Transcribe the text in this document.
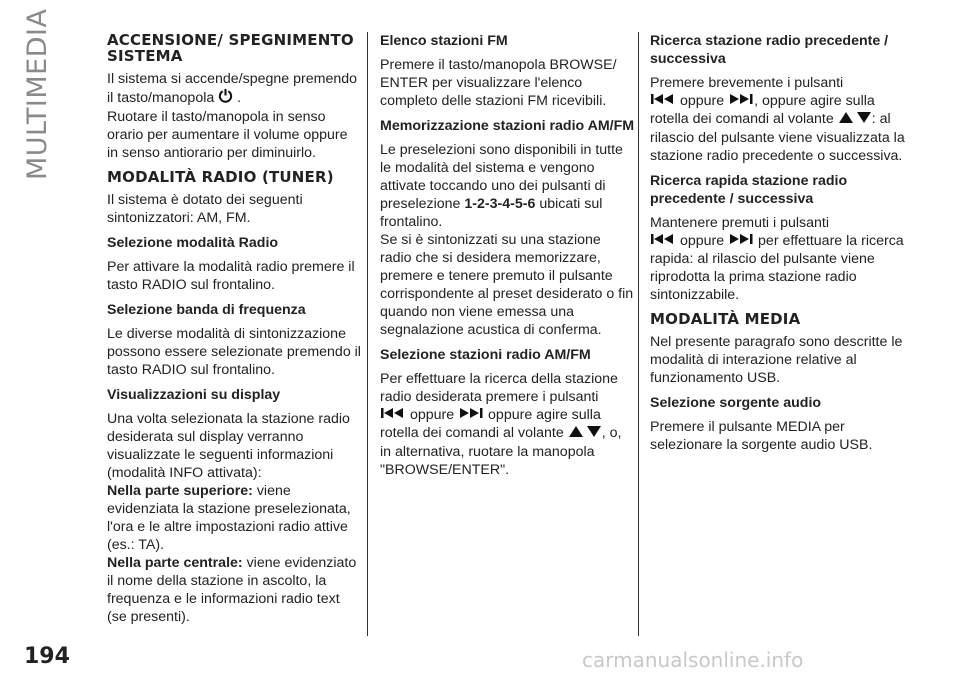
MULTIMEDIA	ACCENSIONE/ SPEGNIMENTO SISTEMA

Il sistema si accende/spegne premendo il tasto/manopola .
Ruotare il tasto/manopola in senso orario per aumentare il volume oppure in senso antiorario per diminuirlo.

MODALITÀ RADIO (TUNER)

Il sistema è dotato dei seguenti sintonizzatori: AM, FM.

Selezione modalità Radio

Per attivare la modalità radio premere il tasto RADIO sul frontalino.

Selezione banda di frequenza

Le diverse modalità di sintonizzazione possono essere selezionate premendo il tasto RADIO sul frontalino.

Visualizzazioni su display

Una volta selezionata la stazione radio desiderata sul display verranno visualizzate le seguenti informazioni (modalità INFO attivata):
Nella parte superiore: viene evidenziata la stazione preselezionata, l'ora e le altre impostazioni radio attive (es.: TA).
Nella parte centrale: viene evidenziato il nome della stazione in ascolto, la frequenza e le informazioni radio text (se presenti).

Elenco stazioni FM

Premere il tasto/manopola BROWSE/ ENTER per visualizzare l'elenco completo delle stazioni FM ricevibili.

Memorizzazione stazioni radio AM/FM

Le preselezioni sono disponibili in tutte le modalità del sistema e vengono attivate toccando uno dei pulsanti di preselezione 1-2-3-4-5-6 ubicati sul frontalino.
Se si è sintonizzati su una stazione radio che si desidera memorizzare, premere e tenere premuto il pulsante corrispondente al preset desiderato o fin quando non viene emessa una segnalazione acustica di conferma.

Selezione stazioni radio AM/FM

Per effettuare la ricerca della stazione radio desiderata premere i pulsanti
oppure oppure agire sulla rotella dei comandi al volante	, o, in alternativa, ruotare la manopola "BROWSE/ENTER".

Ricerca stazione radio precedente / successiva

Premere brevemente i pulsanti
oppure , oppure agire sulla rotella dei comandi al volante	: al rilascio del pulsante viene visualizzata la stazione radio precedente o successiva.

Ricerca rapida stazione radio precedente / successiva

Mantenere premuti i pulsanti
oppure per effettuare la ricerca rapida: al rilascio del pulsante viene riprodotta la prima stazione radio sintonizzabile.

MODALITÀ MEDIA

Nel presente paragrafo sono descritte le modalità di interazione relative al funzionamento USB.

Selezione sorgente audio

Premere il pulsante MEDIA per selezionare la sorgente audio USB.

194	carmanualsonline.info
